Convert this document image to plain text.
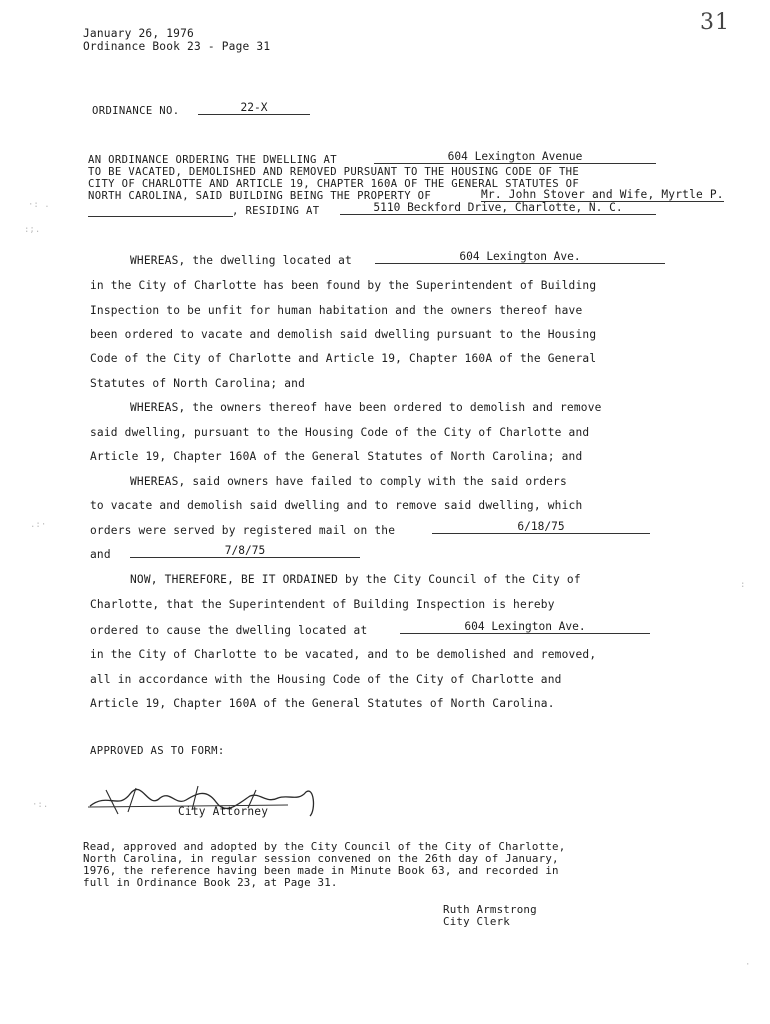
January 26, 1976
Ordinance Book 23 - Page 31
31
ORDINANCE NO.	22-X
AN ORDINANCE ORDERING THE DWELLING AT	604 Lexington Avenue
TO BE VACATED, DEMOLISHED AND REMOVED PURSUANT TO THE HOUSING CODE OF THE
CITY OF CHARLOTTE AND ARTICLE 19, CHAPTER 160A OF THE GENERAL STATUTES OF
NORTH CAROLINA, SAID BUILDING BEING THE PROPERTY OF	Mr. John Stover and Wife, Myrtle P.
, RESIDING AT	5110 Beckford Drive, Charlotte, N. C.
WHEREAS, the dwelling located at	604 Lexington Ave.
in the City of Charlotte has been found by the Superintendent of Building
Inspection to be unfit for human habitation and the owners thereof have
been ordered to vacate and demolish said dwelling pursuant to the Housing
Code of the City of Charlotte and Article 19, Chapter 160A of the General
Statutes of North Carolina; and
WHEREAS, the owners thereof have been ordered to demolish and remove
said dwelling, pursuant to the Housing Code of the City of Charlotte and
Article 19, Chapter 160A of the General Statutes of North Carolina; and
WHEREAS, said owners have failed to comply with the said orders
to vacate and demolish said dwelling and to remove said dwelling, which
orders were served by registered mail on the	6/18/75
and	7/8/75
NOW, THEREFORE, BE IT ORDAINED by the City Council of the City of
Charlotte, that the Superintendent of Building Inspection is hereby
ordered to cause the dwelling located at	604 Lexington Ave.
in the City of Charlotte to be vacated, and to be demolished and removed,
all in accordance with the Housing Code of the City of Charlotte and
Article 19, Chapter 160A of the General Statutes of North Carolina.
APPROVED AS TO FORM:
City Attorney
Read, approved and adopted by the City Council of the City of Charlotte,
North Carolina, in regular session convened on the 26th day of January,
1976, the reference having been made in Minute Book 63, and recorded in
full in Ordinance Book 23, at Page 31.
Ruth Armstrong
City Clerk
·: .
:;.
.:·
·:.
:
·
